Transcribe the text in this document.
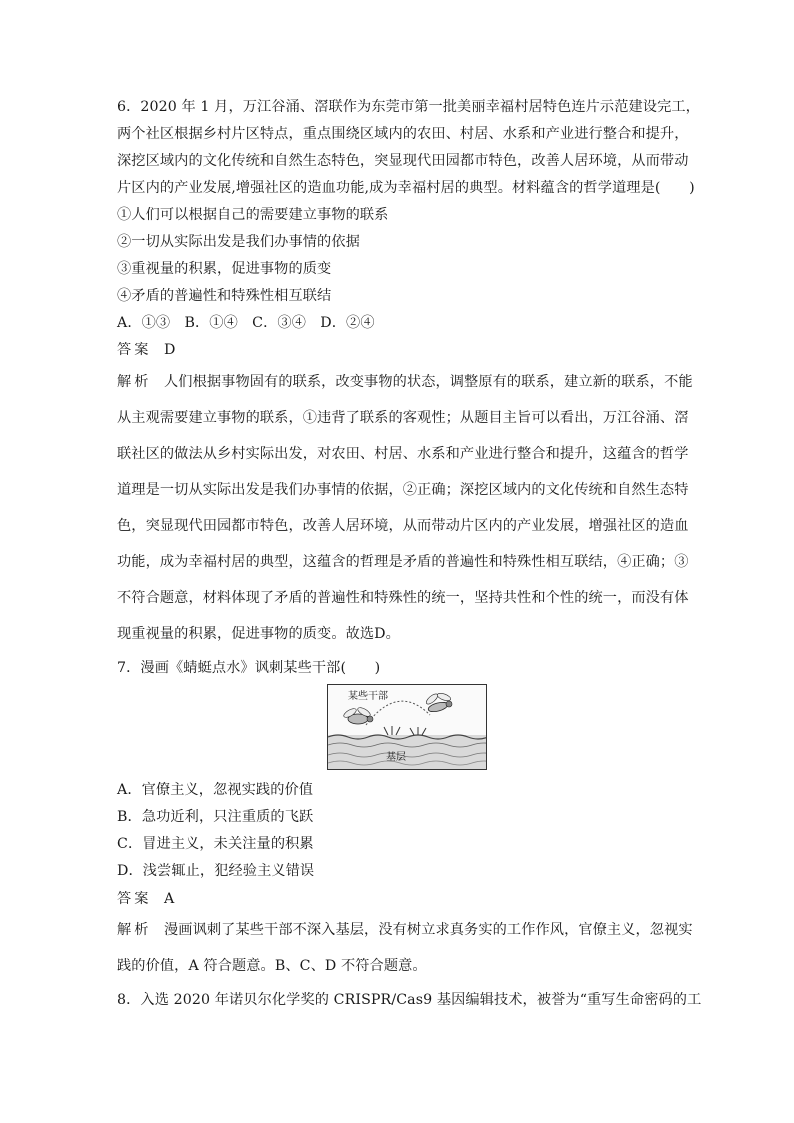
6．2020 年 1 月，万江谷涌、滘联作为东莞市第一批美丽幸福村居特色连片示范建设完工，
两个社区根据乡村片区特点，重点围绕区域内的农田、村居、水系和产业进行整合和提升，
深挖区域内的文化传统和自然生态特色，突显现代田园都市特色，改善人居环境，从而带动
片区内的产业发展,增强社区的造血功能,成为幸福村居的典型。材料蕴含的哲学道理是(　　)
①人们可以根据自己的需要建立事物的联系
②一切从实际出发是我们办事情的依据
③重视量的积累，促进事物的质变
④矛盾的普遍性和特殊性相互联结
A．①③　B．①④　C．③④　D．②④
答案 D
解析 人们根据事物固有的联系，改变事物的状态，调整原有的联系，建立新的联系，不能
从主观需要建立事物的联系，①违背了联系的客观性；从题目主旨可以看出，万江谷涌、滘
联社区的做法从乡村实际出发，对农田、村居、水系和产业进行整合和提升，这蕴含的哲学
道理是一切从实际出发是我们办事情的依据，②正确；深挖区域内的文化传统和自然生态特
色，突显现代田园都市特色，改善人居环境，从而带动片区内的产业发展，增强社区的造血
功能，成为幸福村居的典型，这蕴含的哲理是矛盾的普遍性和特殊性相互联结，④正确；③
不符合题意，材料体现了矛盾的普遍性和特殊性的统一，坚持共性和个性的统一，而没有体
现重视量的积累，促进事物的质变。故选D。
7．漫画《蜻蜓点水》讽刺某些干部(　　)
某些干部
基层
A．官僚主义，忽视实践的价值
B．急功近利，只注重质的飞跃
C．冒进主义，未关注量的积累
D．浅尝辄止，犯经验主义错误
答案 A
解析 漫画讽刺了某些干部不深入基层，没有树立求真务实的工作作风，官僚主义，忽视实
践的价值，A 符合题意。B、C、D 不符合题意。
8．入选 2020 年诺贝尔化学奖的 CRISPR/Cas9 基因编辑技术，被誉为“重写生命密码的工
